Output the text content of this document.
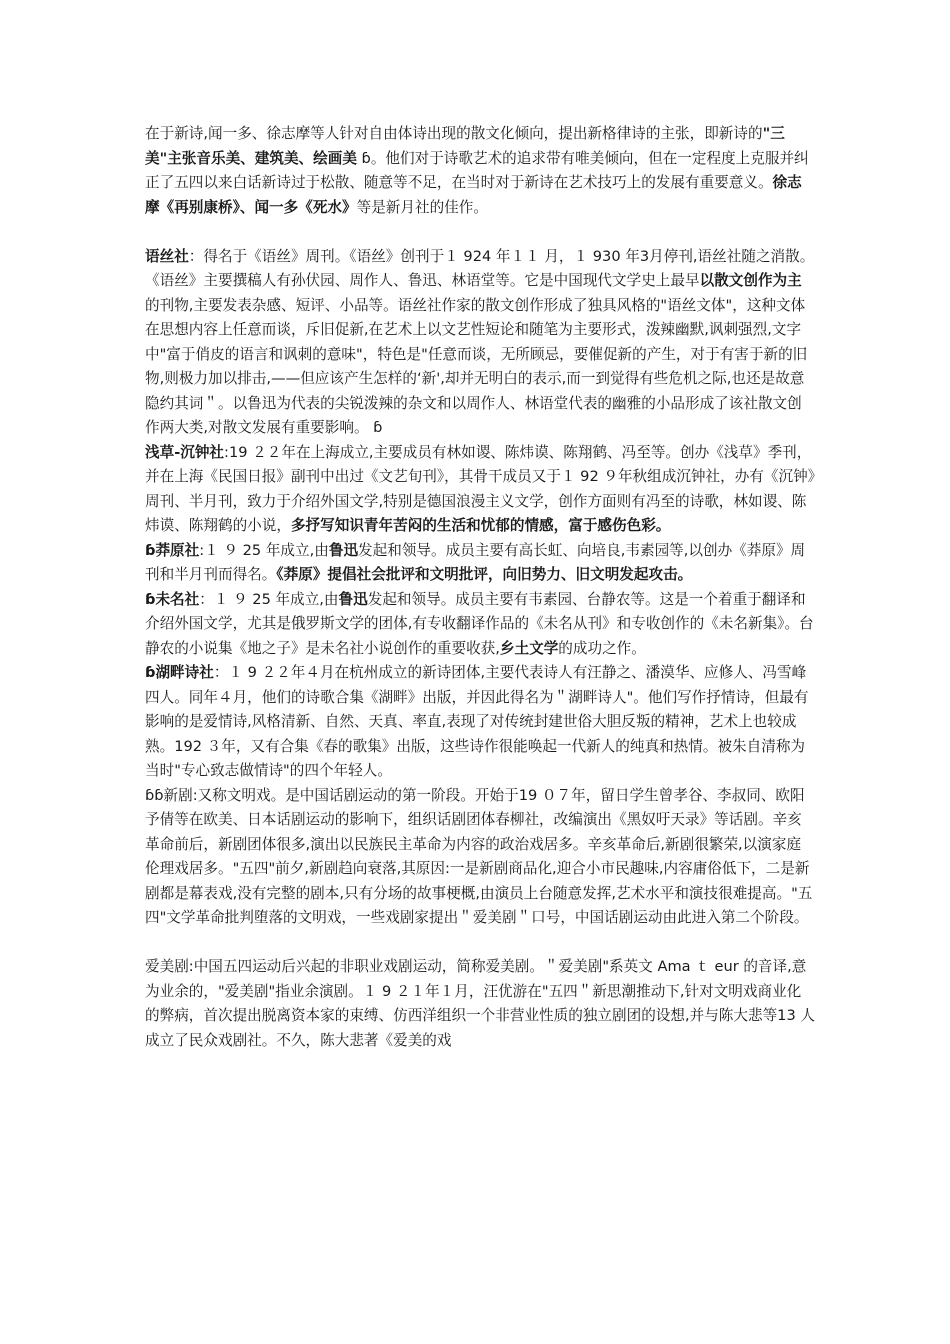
在于新诗,闻一多、徐志摩等人针对自由体诗出现的散文化倾向，提出新格律诗的主张，即新诗的"三美"主张音乐美、建筑美、绘画美 ɓ。他们对于诗歌艺术的追求带有唯美倾向，但在一定程度上克服并纠正了五四以来白话新诗过于松散、随意等不足，在当时对于新诗在艺术技巧上的发展有重要意义。徐志摩《再别康桥》、闻一多《死水》等是新月社的佳作。

语丝社：得名于《语丝》周刊。《语丝》创刊于１ 924 年１１ 月，１ 930 年3月停刊,语丝社随之消散。《语丝》主要撰稿人有孙伏园、周作人、鲁迅、林语堂等。它是中国现代文学史上最早以散文创作为主的刊物,主要发表杂感、短评、小品等。语丝社作家的散文创作形成了独具风格的"语丝文体"，这种文体在思想内容上任意而谈，斥旧促新,在艺术上以文艺性短论和随笔为主要形式，泼辣幽默,讽刺强烈,文字中"富于俏皮的语言和讽刺的意味"，特色是"任意而谈，无所顾忌，要催促新的产生，对于有害于新的旧物,则极力加以排击,——但应该产生怎样的‘新',却并无明白的表示,而一到觉得有些危机之际,也还是故意隐约其词＂。以鲁迅为代表的尖锐泼辣的杂文和以周作人、林语堂代表的幽雅的小品形成了该社散文创作两大类,对散文发展有重要影响。 ɓ

浅草-沉钟社:19 ２２年在上海成立,主要成员有林如谡、陈炜谟、陈翔鹤、冯至等。创办《浅草》季刊，并在上海《民国日报》副刊中出过《文艺旬刊》，其骨干成员又于１ 92 ９年秋组成沉钟社，办有《沉钟》周刊、半月刊，致力于介绍外国文学,特别是德国浪漫主义文学，创作方面则有冯至的诗歌，林如谡、陈炜谟、陈翔鹤的小说，多抒写知识青年苦闷的生活和忧郁的情感，富于感伤色彩。

ɓ莽原社:１ ９ 25 年成立,由鲁迅发起和领导。成员主要有高长虹、向培良,韦素园等,以创办《莽原》周刊和半月刊而得名。《莽原》提倡社会批评和文明批评，向旧势力、旧文明发起攻击。

ɓ未名社：１ ９ 25 年成立,由鲁迅发起和领导。成员主要有韦素园、台静农等。这是一个着重于翻译和介绍外国文学，尤其是俄罗斯文学的团体,有专收翻译作品的《未名从刊》和专收创作的《未名新集》。台静农的小说集《地之子》是未名社小说创作的重要收获,乡土文学的成功之作。

ɓ湖畔诗社：１ 9 ２２年４月在杭州成立的新诗团体,主要代表诗人有汪静之、潘漠华、应修人、冯雪峰四人。同年４月，他们的诗歌合集《湖畔》出版，并因此得名为＂湖畔诗人"。他们写作抒情诗，但最有影响的是爱情诗,风格清新、自然、天真、率直,表现了对传统封建世俗大胆反叛的精神，艺术上也较成熟。192 ３年，又有合集《春的歌集》出版，这些诗作很能唤起一代新人的纯真和热情。被朱自清称为当时"专心致志做情诗"的四个年轻人。

ɓɓ新剧:又称文明戏。是中国话剧运动的第一阶段。开始于19 ０７年，留日学生曾孝谷、李叔同、欧阳予倩等在欧美、日本话剧运动的影响下，组织话剧团体春柳社，改编演出《黑奴吁天录》等话剧。辛亥革命前后，新剧团体很多,演出以民族民主革命为内容的政治戏居多。辛亥革命后,新剧很繁荣,以演家庭伦理戏居多。"五四"前夕,新剧趋向衰落,其原因:一是新剧商品化,迎合小市民趣味,内容庸俗低下，二是新剧都是幕表戏,没有完整的剧本,只有分场的故事梗概,由演员上台随意发挥,艺术水平和演技很难提高。"五四"文学革命批判堕落的文明戏，一些戏剧家提出＂爱美剧＂口号，中国话剧运动由此进入第二个阶段。

爱美剧:中国五四运动后兴起的非职业戏剧运动，简称爱美剧。＂爱美剧"系英文 Ama ｔ eur 的音译,意为业余的，"爱美剧"指业余演剧。１ 9 ２１年１月，汪优游在"五四＂新思潮推动下,针对文明戏商业化的弊病，首次提出脱离资本家的束缚、仿西洋组织一个非营业性质的独立剧团的设想,并与陈大悲等13 人成立了民众戏剧社。不久，陈大悲著《爱美的戏
